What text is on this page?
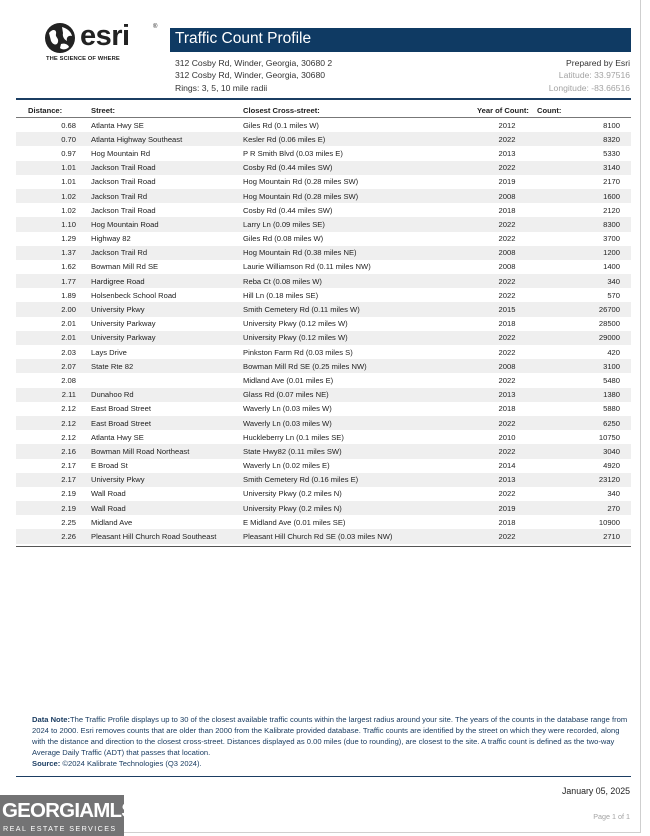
esri	®
THE SCIENCE OF WHERE
Traffic Count Profile
312 Cosby Rd, Winder, Georgia, 30680 2
312 Cosby Rd, Winder, Georgia, 30680
Rings: 3, 5, 10 mile radii
Prepared by Esri
Latitude: 33.97516
Longitude: -83.66516
Distance:	Street:	Closest Cross-street:	Year of Count:	Count:
0.68	Atlanta Hwy SE	Giles Rd (0.1 miles W)	2012	8100
0.70	Atlanta Highway Southeast	Kesler Rd (0.06 miles E)	2022	8320
0.97	Hog Mountain Rd	P R Smith Blvd (0.03 miles E)	2013	5330
1.01	Jackson Trail Road	Cosby Rd (0.44 miles SW)	2022	3140
1.01	Jackson Trail Road	Hog Mountain Rd (0.28 miles SW)	2019	2170
1.02	Jackson Trail Rd	Hog Mountain Rd (0.28 miles SW)	2008	1600
1.02	Jackson Trail Road	Cosby Rd (0.44 miles SW)	2018	2120
1.10	Hog Mountain Road	Larry Ln (0.09 miles SE)	2022	8300
1.29	Highway 82	Giles Rd (0.08 miles W)	2022	3700
1.37	Jackson Trail Rd	Hog Mountain Rd (0.38 miles NE)	2008	1200
1.62	Bowman Mill Rd SE	Laurie Williamson Rd (0.11 miles NW)	2008	1400
1.77	Hardigree Road	Reba Ct (0.08 miles W)	2022	340
1.89	Holsenbeck School Road	Hill Ln (0.18 miles SE)	2022	570
2.00	University Pkwy	Smith Cemetery Rd (0.11 miles W)	2015	26700
2.01	University Parkway	University Pkwy (0.12 miles W)	2018	28500
2.01	University Parkway	University Pkwy (0.12 miles W)	2022	29000
2.03	Lays Drive	Pinkston Farm Rd (0.03 miles S)	2022	420
2.07	State Rte 82	Bowman Mill Rd SE (0.25 miles NW)	2008	3100
2.08		Midland Ave (0.01 miles E)	2022	5480
2.11	Dunahoo Rd	Glass Rd (0.07 miles NE)	2013	1380
2.12	East Broad Street	Waverly Ln (0.03 miles W)	2018	5880
2.12	East Broad Street	Waverly Ln (0.03 miles W)	2022	6250
2.12	Atlanta Hwy SE	Huckleberry Ln (0.1 miles SE)	2010	10750
2.16	Bowman Mill Road Northeast	State Hwy82 (0.11 miles SW)	2022	3040
2.17	E Broad St	Waverly Ln (0.02 miles E)	2014	4920
2.17	University Pkwy	Smith Cemetery Rd (0.16 miles E)	2013	23120
2.19	Wall Road	University Pkwy (0.2 miles N)	2022	340
2.19	Wall Road	University Pkwy (0.2 miles N)	2019	270
2.25	Midland Ave	E Midland Ave (0.01 miles SE)	2018	10900
2.26	Pleasant Hill Church Road Southeast	Pleasant Hill Church Rd SE (0.03 miles NW)	2022	2710
Data Note:The Traffic Profile displays up to 30 of the closest available traffic counts within the largest radius around your site. The years of the counts in the database range from 2024 to 2000. Esri removes counts that are older than 2000 from the Kalibrate provided database. Traffic counts are identified by the street on which they were recorded, along with the distance and direction to the closest cross-street. Distances displayed as 0.00 miles (due to rounding), are closest to the site. A traffic count is defined as the two-way Average Daily Traffic (ADT) that passes that location.
Source: ©2024 Kalibrate Technologies (Q3 2024).
January 05, 2025
Page 1 of 1
GEORGIAMLS
REAL ESTATE SERVICES
